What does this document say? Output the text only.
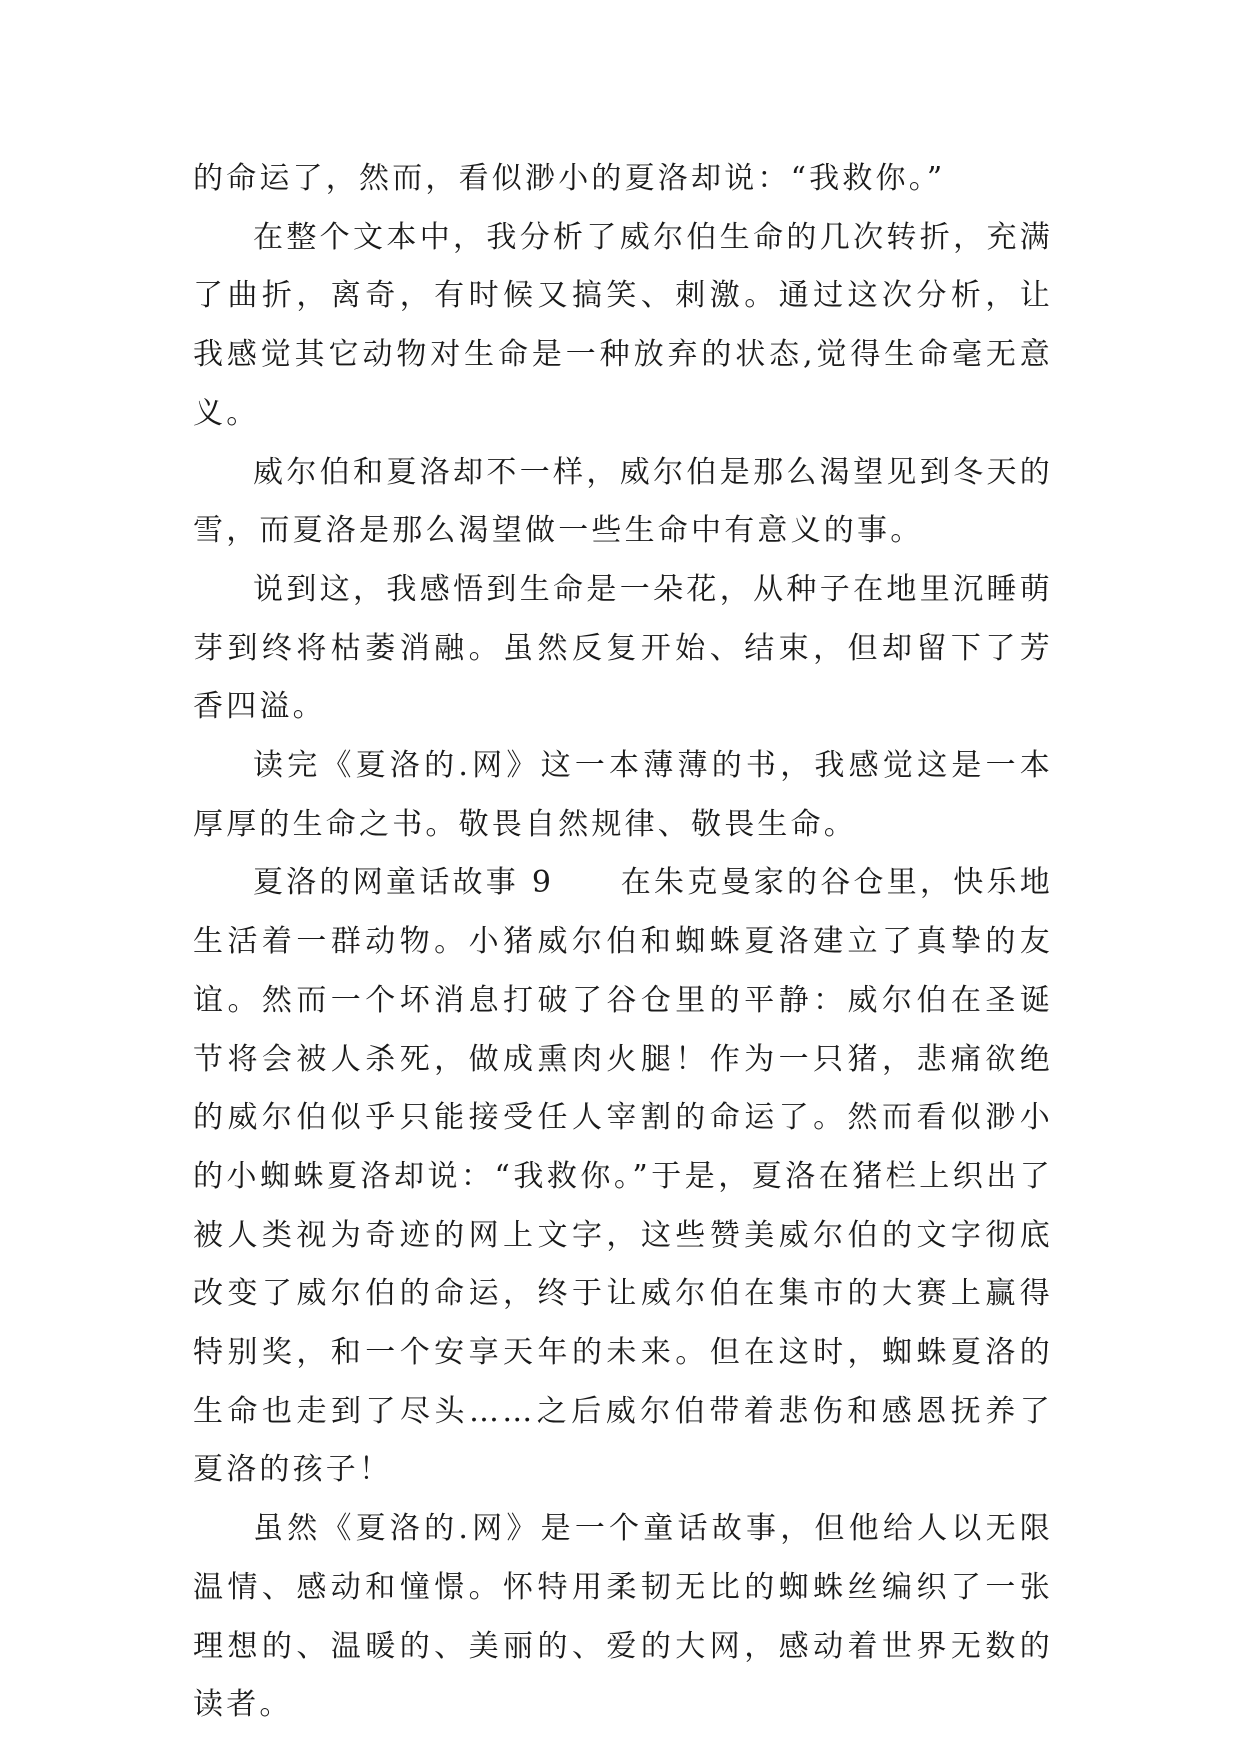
的命运了，然而，看似渺小的夏洛却说：“我救你。”

在整个文本中，我分析了威尔伯生命的几次转折，充满了曲折，离奇，有时候又搞笑、刺激。通过这次分析，让我感觉其它动物对生命是一种放弃的状态,觉得生命毫无意义。

威尔伯和夏洛却不一样，威尔伯是那么渴望见到冬天的雪，而夏洛是那么渴望做一些生命中有意义的事。

说到这，我感悟到生命是一朵花，从种子在地里沉睡萌芽到终将枯萎消融。虽然反复开始、结束，但却留下了芳香四溢。

读完《夏洛的.网》这一本薄薄的书，我感觉这是一本厚厚的生命之书。敬畏自然规律、敬畏生命。

夏洛的网童话故事 9　　在朱克曼家的谷仓里，快乐地生活着一群动物。小猪威尔伯和蜘蛛夏洛建立了真挚的友谊。然而一个坏消息打破了谷仓里的平静：威尔伯在圣诞节将会被人杀死，做成熏肉火腿！作为一只猪，悲痛欲绝的威尔伯似乎只能接受任人宰割的命运了。然而看似渺小的小蜘蛛夏洛却说：“我救你。”于是，夏洛在猪栏上织出了被人类视为奇迹的网上文字，这些赞美威尔伯的文字彻底改变了威尔伯的命运，终于让威尔伯在集市的大赛上赢得特别奖，和一个安享天年的未来。但在这时，蜘蛛夏洛的生命也走到了尽头……之后威尔伯带着悲伤和感恩抚养了夏洛的孩子！

虽然《夏洛的.网》是一个童话故事，但他给人以无限温情、感动和憧憬。怀特用柔韧无比的蜘蛛丝编织了一张理想的、温暖的、美丽的、爱的大网，感动着世界无数的读者。
